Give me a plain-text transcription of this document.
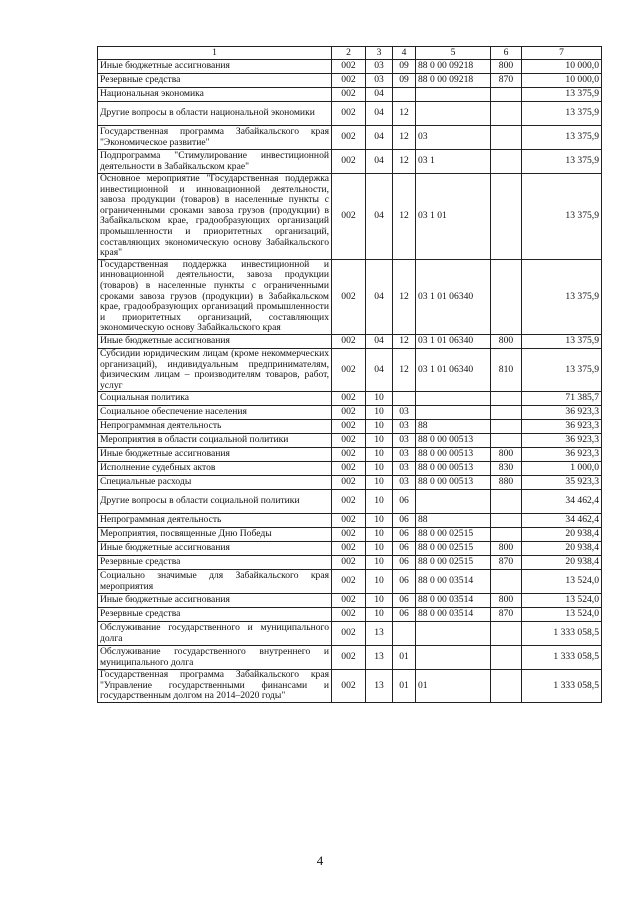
1	2	3	4	5	6	7
Иные бюджетные ассигнования	002	03	09	88 0 00 09218	800	10 000,0
Резервные средства	002	03	09	88 0 00 09218	870	10 000,0
Национальная экономика	002	04				13 375,9
Другие вопросы в области национальной экономики	002	04	12			13 375,9
Государственная программа Забайкальского края "Экономическое развитие"	002	04	12	03		13 375,9
Подпрограмма "Стимулирование инвестиционной деятельности в Забайкальском крае"	002	04	12	03 1		13 375,9
Основное мероприятие "Государственная поддержка инвестиционной и инновационной деятельности, завоза продукции (товаров) в населенные пункты с ограниченными сроками завоза грузов (продукции) в Забайкальском крае, градообразующих организаций промышленности и приоритетных организаций, составляющих экономическую основу Забайкальского края"	002	04	12	03 1 01		13 375,9
Государственная поддержка инвестиционной и инновационной деятельности, завоза продукции (товаров) в населенные пункты с ограниченными сроками завоза грузов (продукции) в Забайкальском крае, градообразующих организаций промышленности и приоритетных организаций, составляющих экономическую основу Забайкальского края	002	04	12	03 1 01 06340		13 375,9
Иные бюджетные ассигнования	002	04	12	03 1 01 06340	800	13 375,9
Субсидии юридическим лицам (кроме некоммерческих организаций), индивидуальным предпринимателям, физическим лицам – производителям товаров, работ, услуг	002	04	12	03 1 01 06340	810	13 375,9
Социальная политика	002	10				71 385,7
Социальное обеспечение населения	002	10	03			36 923,3
Непрограммная деятельность	002	10	03	88		36 923,3
Мероприятия в области социальной политики	002	10	03	88 0 00 00513		36 923,3
Иные бюджетные ассигнования	002	10	03	88 0 00 00513	800	36 923,3
Исполнение судебных актов	002	10	03	88 0 00 00513	830	1 000,0
Специальные расходы	002	10	03	88 0 00 00513	880	35 923,3
Другие вопросы в области социальной политики	002	10	06			34 462,4
Непрограммная деятельность	002	10	06	88		34 462,4
Мероприятия, посвященные Дню Победы	002	10	06	88 0 00 02515		20 938,4
Иные бюджетные ассигнования	002	10	06	88 0 00 02515	800	20 938,4
Резервные средства	002	10	06	88 0 00 02515	870	20 938,4
Социально значимые для Забайкальского края мероприятия	002	10	06	88 0 00 03514		13 524,0
Иные бюджетные ассигнования	002	10	06	88 0 00 03514	800	13 524,0
Резервные средства	002	10	06	88 0 00 03514	870	13 524,0
Обслуживание государственного и муниципального долга	002	13				1 333 058,5
Обслуживание государственного внутреннего и муниципального долга	002	13	01			1 333 058,5
Государственная программа Забайкальского края "Управление государственными финансами и государственным долгом на 2014–2020 годы"	002	13	01	01		1 333 058,5
4
